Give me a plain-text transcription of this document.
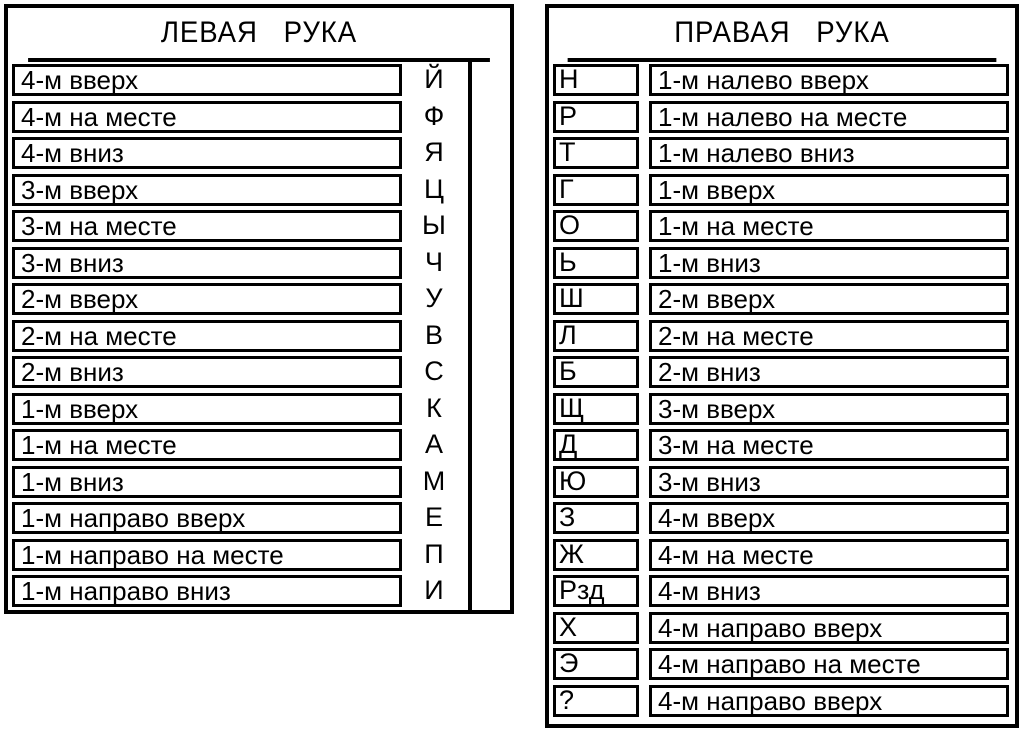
ЛЕВАЯ   РУКА
4-м вверх	Й
4-м на месте	Ф
4-м вниз	Я
3-м вверх	Ц
3-м на месте	Ы
3-м вниз	Ч
2-м вверх	У
2-м на месте	В
2-м вниз	С
1-м вверх	К
1-м на месте	А
1-м вниз	М
1-м направо вверх	Е
1-м направо на месте	П
1-м направо вниз	И
ПРАВАЯ   РУКА
Н	1-м налево вверх
Р	1-м налево на месте
Т	1-м налево вниз
Г	1-м вверх
О	1-м на месте
Ь	1-м вниз
Ш	2-м вверх
Л	2-м на месте
Б	2-м вниз
Щ	3-м вверх
Д	3-м на месте
Ю	3-м вниз
З	4-м вверх
Ж	4-м на месте
Рзд	4-м вниз
Х	4-м направо вверх
Э	4-м направо на месте
?	4-м направо вверх
